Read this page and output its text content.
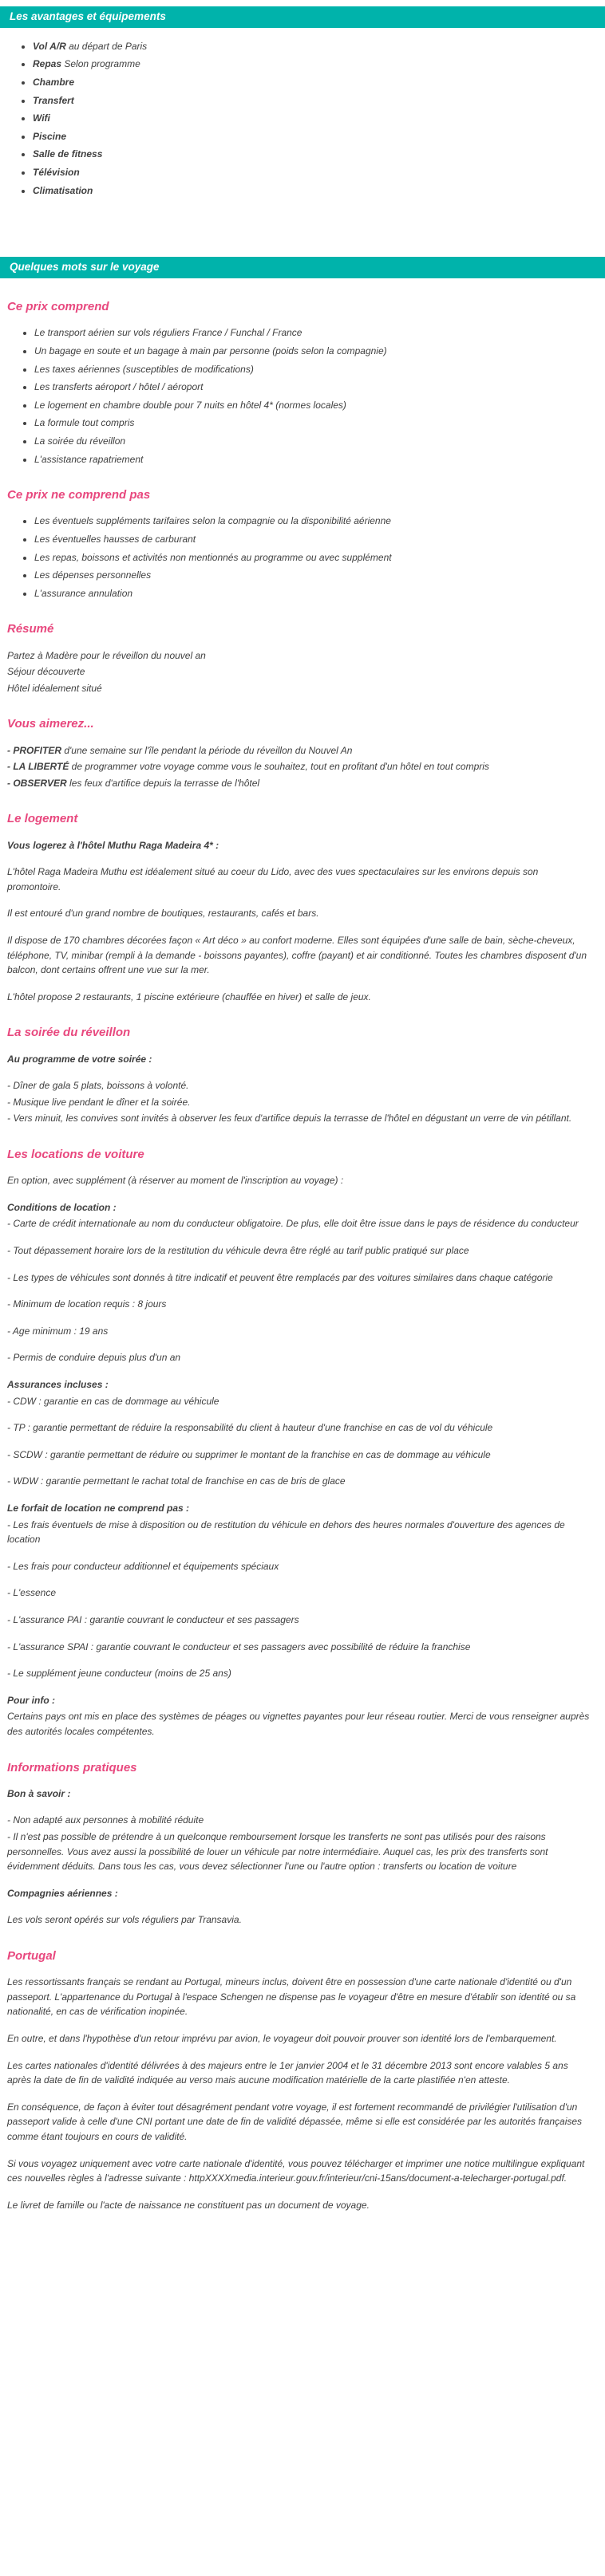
Les avantages et équipements
• Vol A/R au départ de Paris
• Repas Selon programme
• Chambre
• Transfert
• Wifi
• Piscine
• Salle de fitness
• Télévision
• Climatisation
Quelques mots sur le voyage
Ce prix comprend
• Le transport aérien sur vols réguliers France / Funchal / France
• Un bagage en soute et un bagage à main par personne (poids selon la compagnie)
• Les taxes aériennes (susceptibles de modifications)
• Les transferts aéroport / hôtel / aéroport
• Le logement en chambre double pour 7 nuits en hôtel 4* (normes locales)
• La formule tout compris
• La soirée du réveillon
• L'assistance rapatriement
Ce prix ne comprend pas
• Les éventuels suppléments tarifaires selon la compagnie ou la disponibilité aérienne
• Les éventuelles hausses de carburant
• Les repas, boissons et activités non mentionnés au programme ou avec supplément
• Les dépenses personnelles
• L'assurance annulation
Résumé

Partez à Madère pour le réveillon du nouvel an

Séjour découverte

Hôtel idéalement situé

Vous aimerez...

- PROFITER d'une semaine sur l'île pendant la période du réveillon du Nouvel An

- LA LIBERTÉ de programmer votre voyage comme vous le souhaitez, tout en profitant d'un hôtel en tout compris

- OBSERVER les feux d'artifice depuis la terrasse de l'hôtel

Le logement

Vous logerez à l'hôtel Muthu Raga Madeira 4* :

L'hôtel Raga Madeira Muthu est idéalement situé au coeur du Lido, avec des vues spectaculaires sur les environs depuis son promontoire.

Il est entouré d'un grand nombre de boutiques, restaurants, cafés et bars.

Il dispose de 170 chambres décorées façon « Art déco » au confort moderne. Elles sont équipées d'une salle de bain, sèche-cheveux, téléphone, TV, minibar (rempli à la demande - boissons payantes), coffre (payant) et air conditionné. Toutes les chambres disposent d'un balcon, dont certains offrent une vue sur la mer.

L'hôtel propose 2 restaurants, 1 piscine extérieure (chauffée en hiver) et salle de jeux.

La soirée du réveillon

Au programme de votre soirée :

- Dîner de gala 5 plats, boissons à volonté.

- Musique live pendant le dîner et la soirée.

- Vers minuit, les convives sont invités à observer les feux d'artifice depuis la terrasse de l'hôtel en dégustant un verre de vin pétillant.

Les locations de voiture

En option, avec supplément (à réserver au moment de l'inscription au voyage) :

Conditions de location :

- Carte de crédit internationale au nom du conducteur obligatoire. De plus, elle doit être issue dans le pays de résidence du conducteur

- Tout dépassement horaire lors de la restitution du véhicule devra être réglé au tarif public pratiqué sur place

- Les types de véhicules sont donnés à titre indicatif et peuvent être remplacés par des voitures similaires dans chaque catégorie

- Minimum de location requis : 8 jours

- Age minimum : 19 ans

- Permis de conduire depuis plus d'un an

Assurances incluses :

- CDW : garantie en cas de dommage au véhicule

- TP : garantie permettant de réduire la responsabilité du client à hauteur d'une franchise en cas de vol du véhicule

- SCDW : garantie permettant de réduire ou supprimer le montant de la franchise en cas de dommage au véhicule

- WDW : garantie permettant le rachat total de franchise en cas de bris de glace

Le forfait de location ne comprend pas :

- Les frais éventuels de mise à disposition ou de restitution du véhicule en dehors des heures normales d'ouverture des agences de location

- Les frais pour conducteur additionnel et équipements spéciaux

- L'essence

- L'assurance PAI : garantie couvrant le conducteur et ses passagers

- L'assurance SPAI : garantie couvrant le conducteur et ses passagers avec possibilité de réduire la franchise

- Le supplément jeune conducteur (moins de 25 ans)

Pour info :

Certains pays ont mis en place des systèmes de péages ou vignettes payantes pour leur réseau routier. Merci de vous renseigner auprès des autorités locales compétentes.

Informations pratiques

Bon à savoir :

- Non adapté aux personnes à mobilité réduite

- Il n'est pas possible de prétendre à un quelconque remboursement lorsque les transferts ne sont pas utilisés pour des raisons personnelles. Vous avez aussi la possibilité de louer un véhicule par notre intermédiaire. Auquel cas, les prix des transferts sont évidemment déduits. Dans tous les cas, vous devez sélectionner l'une ou l'autre option : transferts ou location de voiture

Compagnies aériennes :

Les vols seront opérés sur vols réguliers par Transavia.

Portugal

Les ressortissants français se rendant au Portugal, mineurs inclus, doivent être en possession d'une carte nationale d'identité ou d'un passeport. L'appartenance du Portugal à l'espace Schengen ne dispense pas le voyageur d'être en mesure d'établir son identité ou sa nationalité, en cas de vérification inopinée.

En outre, et dans l'hypothèse d'un retour imprévu par avion, le voyageur doit pouvoir prouver son identité lors de l'embarquement.

Les cartes nationales d'identité délivrées à des majeurs entre le 1er janvier 2004 et le 31 décembre 2013 sont encore valables 5 ans après la date de fin de validité indiquée au verso mais aucune modification matérielle de la carte plastifiée n'en atteste.

En conséquence, de façon à éviter tout désagrément pendant votre voyage, il est fortement recommandé de privilégier l'utilisation d'un passeport valide à celle d'une CNI portant une date de fin de validité dépassée, même si elle est considérée par les autorités françaises comme étant toujours en cours de validité.

Si vous voyagez uniquement avec votre carte nationale d'identité, vous pouvez télécharger et imprimer une notice multilingue expliquant ces nouvelles règles à l'adresse suivante : httpXXXXmedia.interieur.gouv.fr/interieur/cni-15ans/document-a-telecharger-portugal.pdf.

Le livret de famille ou l'acte de naissance ne constituent pas un document de voyage.
